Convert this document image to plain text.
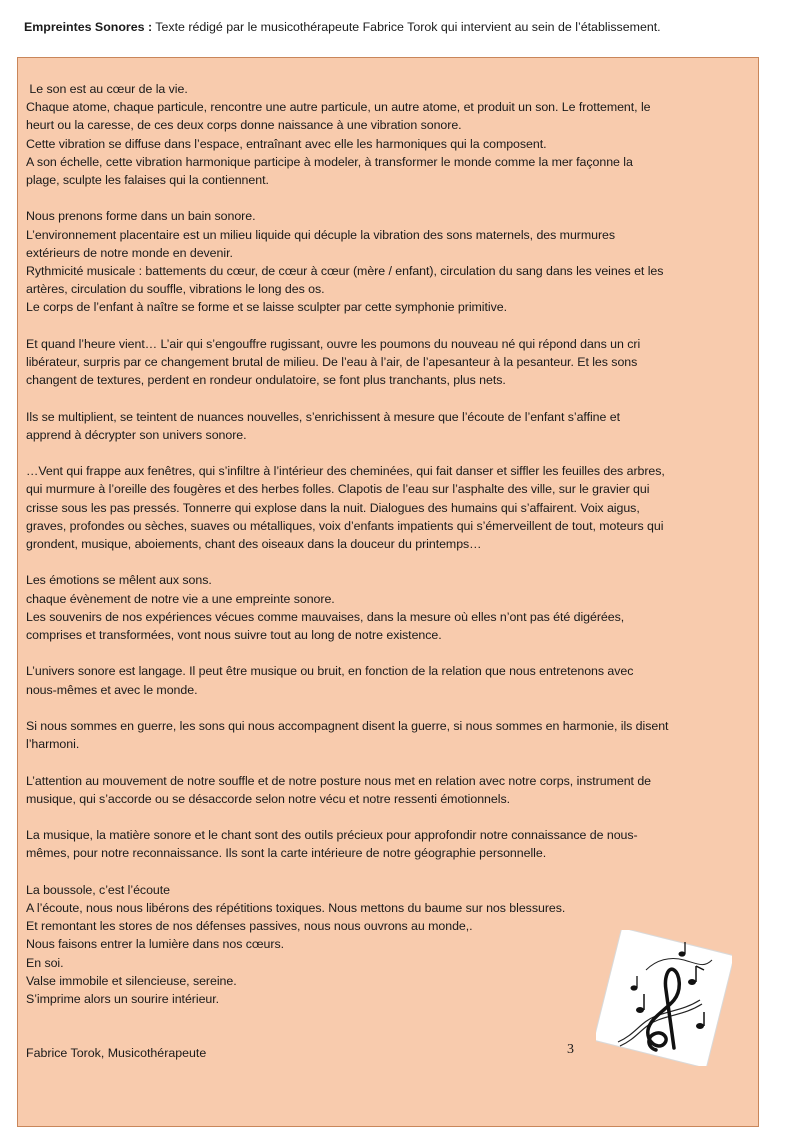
Empreintes Sonores : Texte rédigé par le musicothérapeute Fabrice Torok qui intervient au sein de l’établissement.
Le son est au cœur de la vie.
Chaque atome, chaque particule, rencontre une autre particule, un autre atome, et produit un son. Le frottement, le
heurt ou la caresse, de ces deux corps donne naissance à une vibration sonore.
Cette vibration se diffuse dans l’espace, entraînant avec elle les harmoniques qui la composent.
A son échelle, cette vibration harmonique participe à modeler, à transformer le monde comme la mer façonne la
plage, sculpte les falaises qui la contiennent.
Nous prenons forme dans un bain sonore.
L’environnement placentaire est un milieu liquide qui décuple la vibration des sons maternels, des murmures
extérieurs de notre monde en devenir.
Rythmicité musicale : battements du cœur, de cœur à cœur (mère / enfant), circulation du sang dans les veines et les
artères, circulation du souffle, vibrations le long des os.
Le corps de l’enfant à naître se forme et se laisse sculpter par cette symphonie primitive.
Et quand l’heure vient… L’air qui s’engouffre rugissant, ouvre les poumons du nouveau né qui répond dans un cri
libérateur, surpris par ce changement brutal de milieu. De l’eau à l’air, de l’apesanteur à la pesanteur. Et les sons
changent de textures, perdent en rondeur ondulatoire, se font plus tranchants, plus nets.
Ils se multiplient, se teintent de nuances nouvelles, s’enrichissent à mesure que l’écoute de l’enfant s’affine et
apprend à décrypter son univers sonore.
…Vent qui frappe aux fenêtres, qui s’infiltre à l’intérieur des cheminées, qui fait danser et siffler les feuilles des arbres,
qui murmure à l’oreille des fougères et des herbes folles. Clapotis de l’eau sur l’asphalte des ville, sur le gravier qui
crisse sous les pas pressés. Tonnerre qui explose dans la nuit. Dialogues des humains qui s’affairent. Voix aigus,
graves, profondes ou sèches, suaves ou métalliques, voix d’enfants impatients qui s’émerveillent de tout, moteurs qui
grondent, musique, aboiements, chant des oiseaux dans la douceur du printemps…
Les émotions se mêlent aux sons.
chaque évènement de notre vie a une empreinte sonore.
Les souvenirs de nos expériences vécues comme mauvaises, dans la mesure où elles n’ont pas été digérées,
comprises et transformées, vont nous suivre tout au long de notre existence.
L’univers sonore est langage. Il peut être musique ou bruit, en fonction de la relation que nous entretenons avec
nous-mêmes et avec le monde.
Si nous sommes en guerre, les sons qui nous accompagnent disent la guerre, si nous sommes en harmonie, ils disent
l’harmoni.
L’attention au mouvement de notre souffle et de notre posture nous met en relation avec notre corps, instrument de
musique, qui s’accorde ou se désaccorde selon notre vécu et notre ressenti émotionnels.
La musique, la matière sonore et le chant sont des outils précieux pour approfondir notre connaissance de nous-
mêmes, pour notre reconnaissance. Ils sont la carte intérieure de notre géographie personnelle.
La boussole, c’est l’écoute
A l’écoute, nous nous libérons des répétitions toxiques. Nous mettons du baume sur nos blessures.
Et remontant les stores de nos défenses passives, nous nous ouvrons au monde,.
Nous faisons entrer la lumière dans nos cœurs.
En soi.
Valse immobile et silencieuse, sereine.
S’imprime alors un sourire intérieur.
Fabrice Torok, Musicothérapeute	3
